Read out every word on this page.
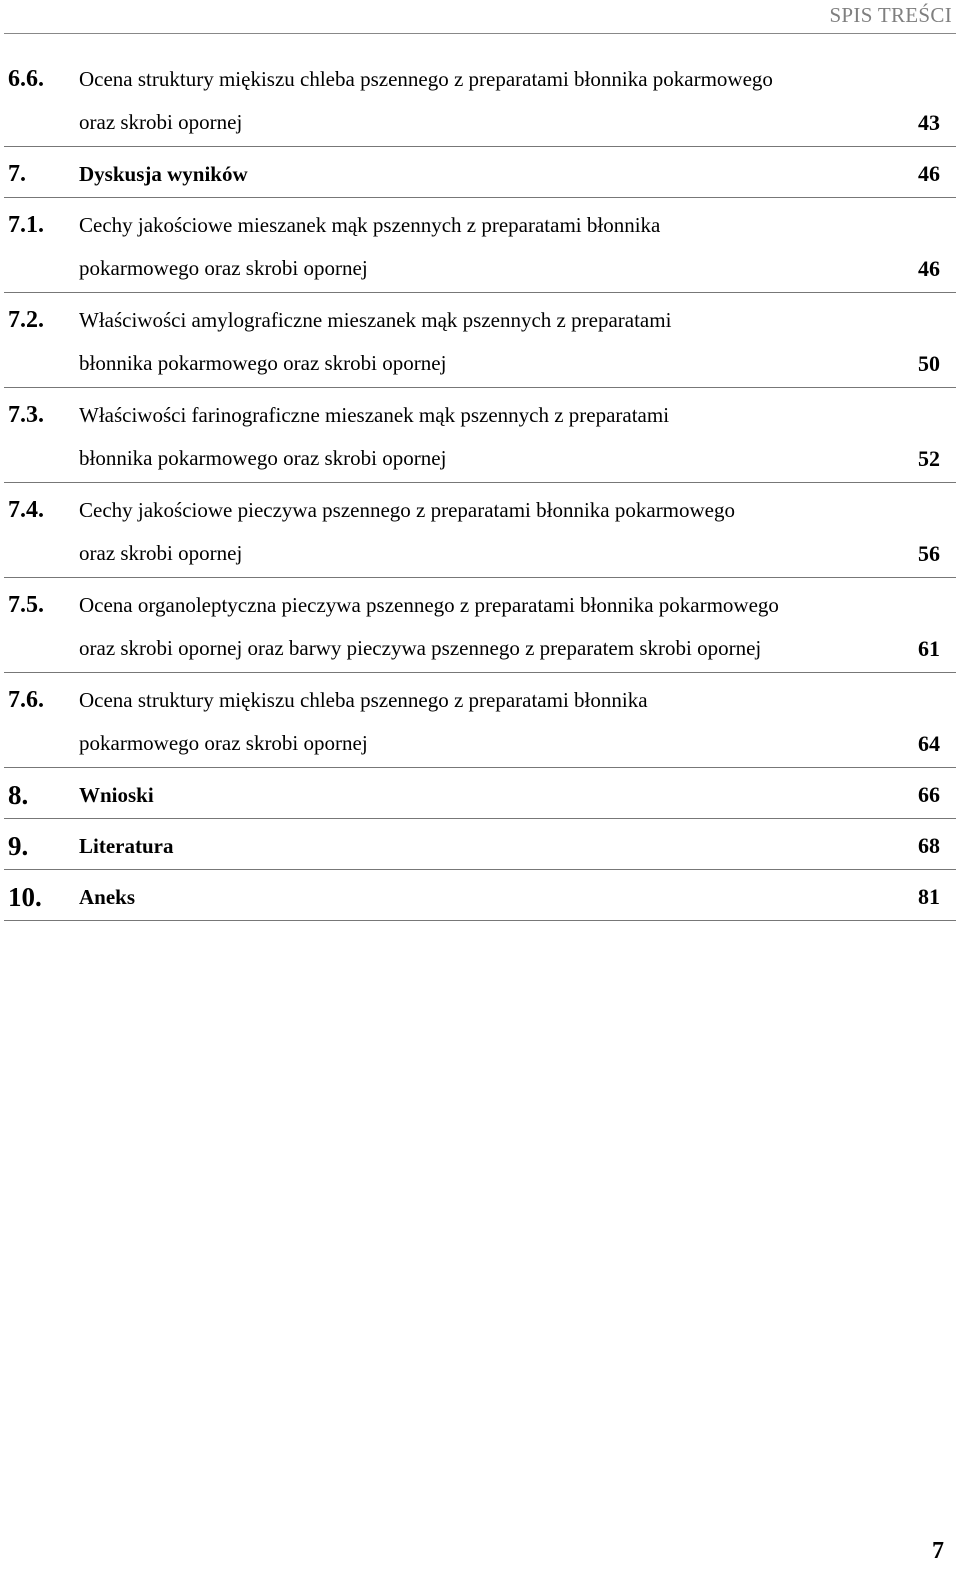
SPIS TREŚCI
6.6. Ocena struktury miękiszu chleba pszennego z preparatami błonnika pokarmowego
oraz skrobi opornej	43
7.	Dyskusja wyników	46
7.1. Cechy jakościowe mieszanek mąk pszennych z preparatami błonnika
pokarmowego oraz skrobi opornej	46
7.2. Właściwości amylograficzne mieszanek mąk pszennych z preparatami
błonnika pokarmowego oraz skrobi opornej	50
7.3. Właściwości farinograficzne mieszanek mąk pszennych z preparatami
błonnika pokarmowego oraz skrobi opornej	52
7.4. Cechy jakościowe pieczywa pszennego z preparatami błonnika pokarmowego
oraz skrobi opornej	56
7.5. Ocena organoleptyczna pieczywa pszennego z preparatami błonnika pokarmowego
oraz skrobi opornej oraz barwy pieczywa pszennego z preparatem skrobi opornej	61
7.6. Ocena struktury miękiszu chleba pszennego z preparatami błonnika
pokarmowego oraz skrobi opornej	64
8. Wnioski	66
9. Literatura	68
10. Aneks	81
7
